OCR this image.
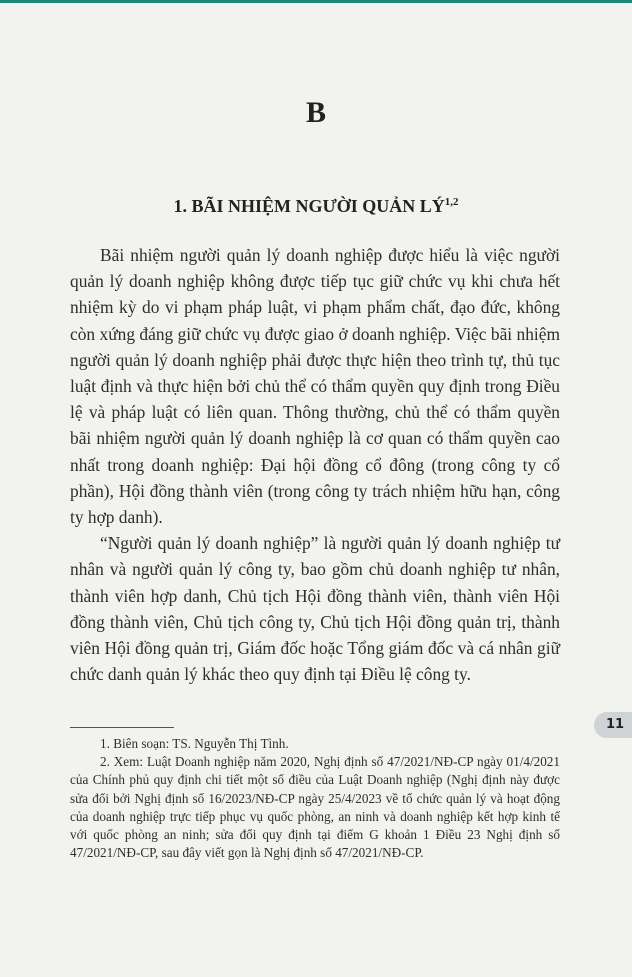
B
1. BÃI NHIỆM NGƯỜI QUẢN LÝ$^{1,2}$

Bãi nhiệm người quản lý doanh nghiệp được hiểu là việc người quản lý doanh nghiệp không được tiếp tục giữ chức vụ khi chưa hết nhiệm kỳ do vi phạm pháp luật, vi phạm phẩm chất, đạo đức, không còn xứng đáng giữ chức vụ được giao ở doanh nghiệp. Việc bãi nhiệm người quản lý doanh nghiệp phải được thực hiện theo trình tự, thủ tục luật định và thực hiện bởi chủ thể có thẩm quyền quy định trong Điều lệ và pháp luật có liên quan. Thông thường, chủ thể có thẩm quyền bãi nhiệm người quản lý doanh nghiệp là cơ quan có thẩm quyền cao nhất trong doanh nghiệp: Đại hội đồng cổ đông (trong công ty cổ phần), Hội đồng thành viên (trong công ty trách nhiệm hữu hạn, công ty hợp danh).

“Người quản lý doanh nghiệp” là người quản lý doanh nghiệp tư nhân và người quản lý công ty, bao gồm chủ doanh nghiệp tư nhân, thành viên hợp danh, Chủ tịch Hội đồng thành viên, thành viên Hội đồng thành viên, Chủ tịch công ty, Chủ tịch Hội đồng quản trị, thành viên Hội đồng quản trị, Giám đốc hoặc Tổng giám đốc và cá nhân giữ chức danh quản lý khác theo quy định tại Điều lệ công ty.

11

1. Biên soạn: TS. Nguyễn Thị Tình.

2. Xem: Luật Doanh nghiệp năm 2020, Nghị định số 47/2021/NĐ-CP ngày 01/4/2021 của Chính phủ quy định chi tiết một số điều của Luật Doanh nghiệp (Nghị định này được sửa đổi bởi Nghị định số 16/2023/NĐ-CP ngày 25/4/2023 về tổ chức quản lý và hoạt động của doanh nghiệp trực tiếp phục vụ quốc phòng, an ninh và doanh nghiệp kết hợp kinh tế với quốc phòng an ninh; sửa đổi quy định tại điểm G khoản 1 Điều 23 Nghị định số 47/2021/NĐ-CP, sau đây viết gọn là Nghị định số 47/2021/NĐ-CP.
